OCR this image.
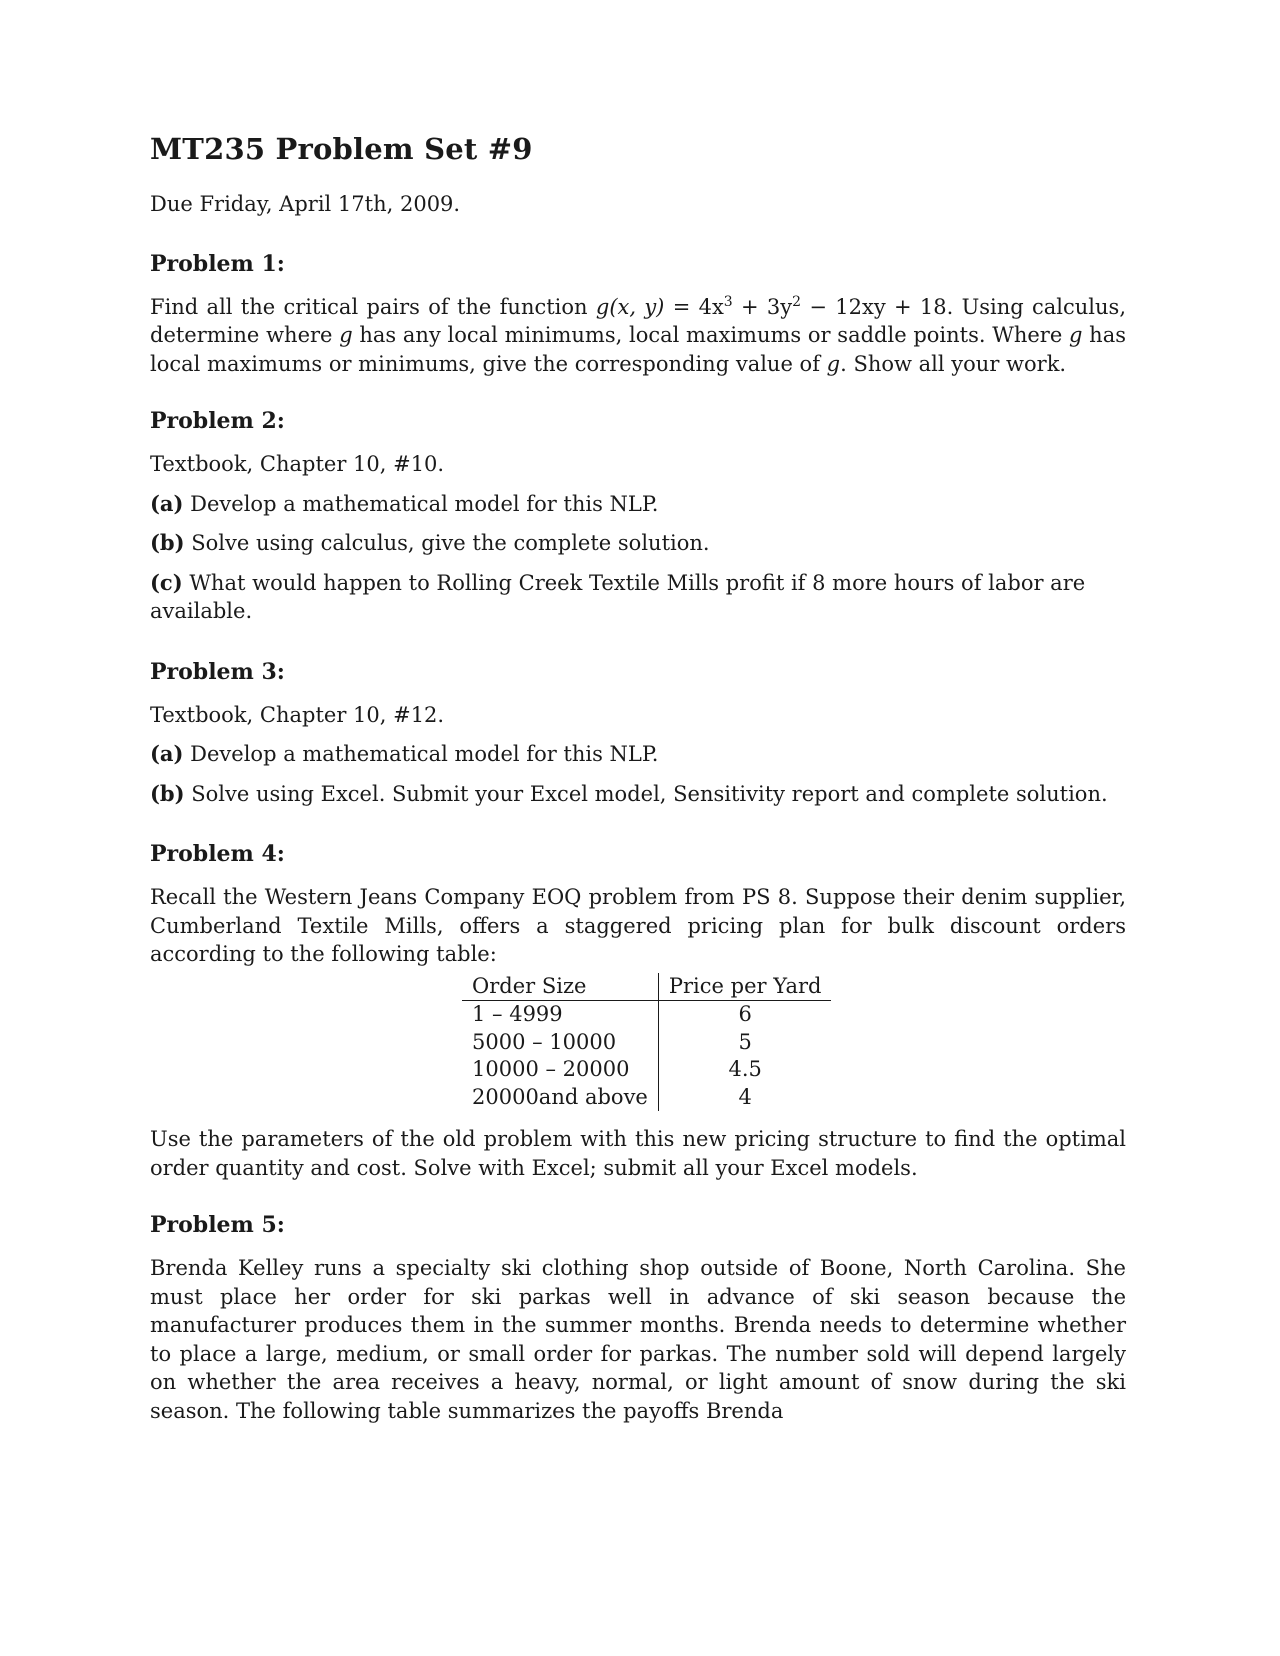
MT235 Problem Set #9
Due Friday, April 17th, 2009.
Problem 1:
Find all the critical pairs of the function g(x, $y) = 4x^3 + 3y^2 - 12xy + 18$. Using calculus, determine where g has any local minimums, local maximums or saddle points. Where g has local maximums or minimums, give the corresponding value of g. Show all your work.
Problem 2:
Textbook, Chapter 10, #10.
(a) Develop a mathematical model for this NLP.
(b) Solve using calculus, give the complete solution.
(c) What would happen to Rolling Creek Textile Mills profit if 8 more hours of labor are available.
Problem 3:
Textbook, Chapter 10, #12.
(a) Develop a mathematical model for this NLP.
(b) Solve using Excel. Submit your Excel model, Sensitivity report and complete solution.
Problem 4:
Recall the Western Jeans Company EOQ problem from PS 8. Suppose their denim supplier, Cumberland Textile Mills, offers a staggered pricing plan for bulk discount orders according to the following table:
Order Size	Price per Yard
1 – 4999	6
5000 – 10000	5
10000 – 20000	4.5
20000and above	4
Use the parameters of the old problem with this new pricing structure to find the optimal order quantity and cost. Solve with Excel; submit all your Excel models.
Problem 5:
Brenda Kelley runs a specialty ski clothing shop outside of Boone, North Carolina. She must place her order for ski parkas well in advance of ski season because the manufacturer produces them in the summer months. Brenda needs to determine whether to place a large, medium, or small order for parkas. The number sold will depend largely on whether the area receives a heavy, normal, or light amount of snow during the ski season. The following table summarizes the payoffs Brenda
